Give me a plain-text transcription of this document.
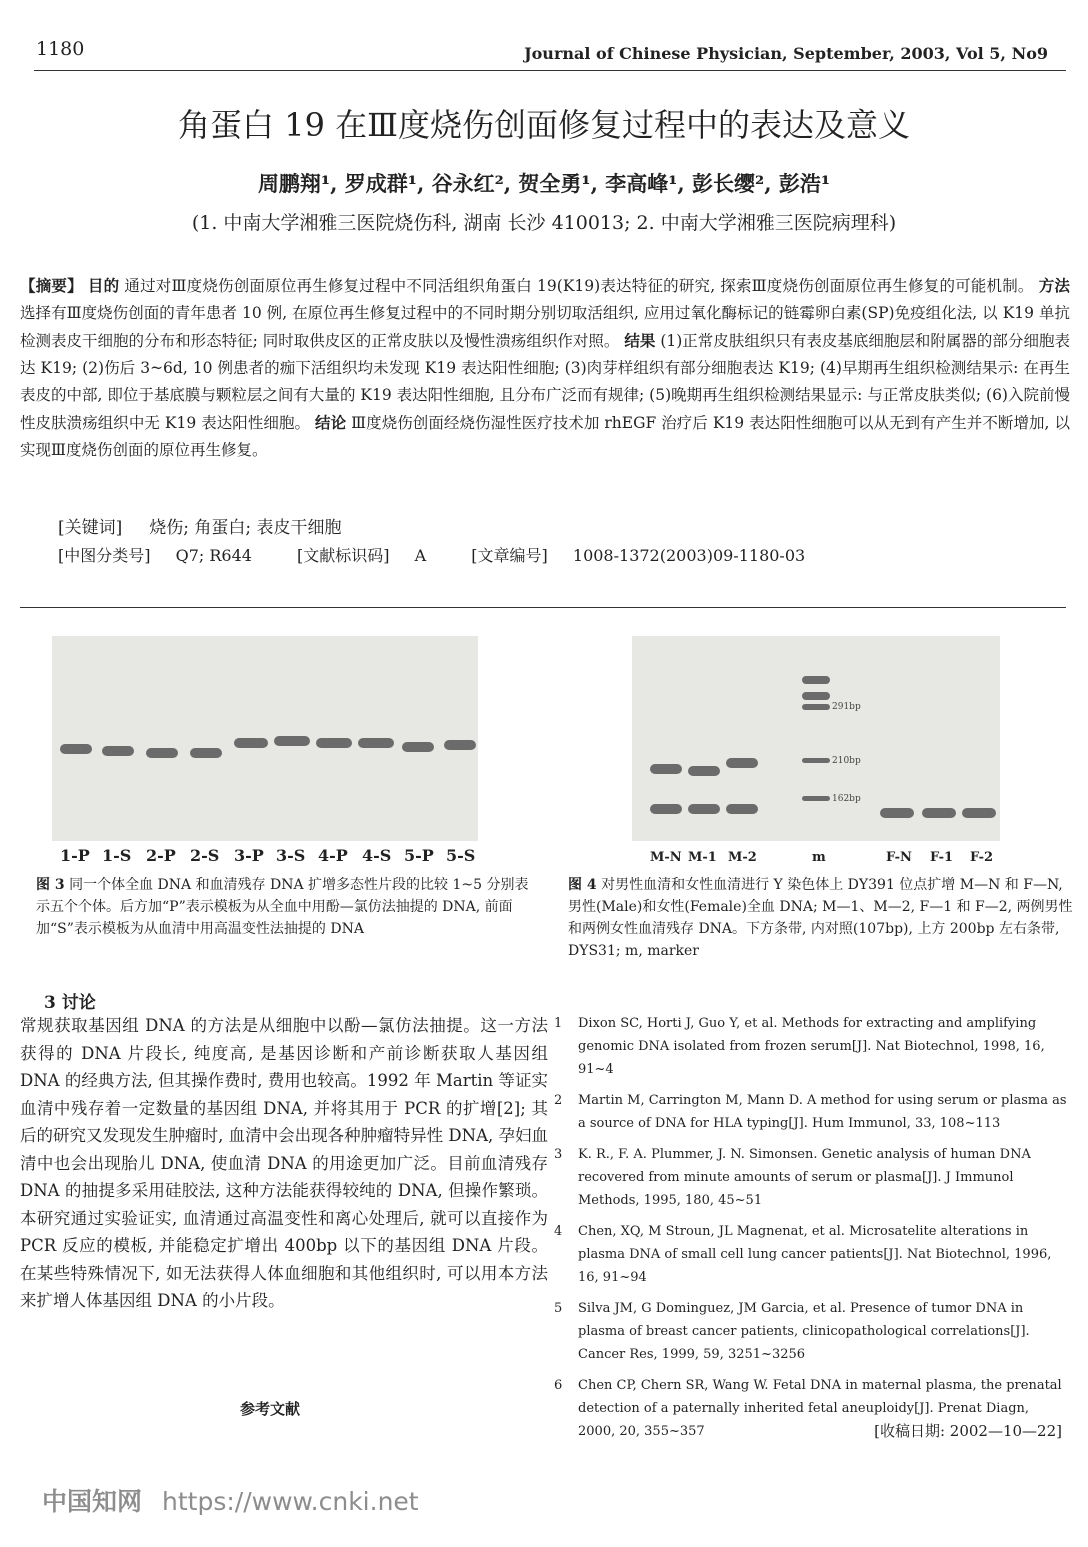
1180	Journal of Chinese Physician, September, 2003, Vol 5, No9
角蛋白 19 在Ⅲ度烧伤创面修复过程中的表达及意义
周鹏翔¹, 罗成群¹, 谷永红², 贺全勇¹, 李高峰¹, 彭长缨², 彭浩¹
(1. 中南大学湘雅三医院烧伤科, 湖南 长沙 410013; 2. 中南大学湘雅三医院病理科)
【摘要】 目的 通过对Ⅲ度烧伤创面原位再生修复过程中不同活组织角蛋白 19(K19)表达特征的研究, 探索Ⅲ度烧伤创面原位再生修复的可能机制。 方法 选择有Ⅲ度烧伤创面的青年患者 10 例, 在原位再生修复过程中的不同时期分别切取活组织, 应用过氧化酶标记的链霉卵白素(SP)免疫组化法, 以 K19 单抗检测表皮干细胞的分布和形态特征; 同时取供皮区的正常皮肤以及慢性溃疡组织作对照。 结果 (1)正常皮肤组织只有表皮基底细胞层和附属器的部分细胞表达 K19; (2)伤后 3~6d, 10 例患者的痂下活组织均未发现 K19 表达阳性细胞; (3)肉芽样组织有部分细胞表达 K19; (4)早期再生组织检测结果示: 在再生表皮的中部, 即位于基底膜与颗粒层之间有大量的 K19 表达阳性细胞, 且分布广泛而有规律; (5)晚期再生组织检测结果显示: 与正常皮肤类似; (6)入院前慢性皮肤溃疡组织中无 K19 表达阳性细胞。 结论 Ⅲ度烧伤创面经烧伤湿性医疗技术加 rhEGF 治疗后 K19 表达阳性细胞可以从无到有产生并不断增加, 以实现Ⅲ度烧伤创面的原位再生修复。
[关键词] 烧伤; 角蛋白; 表皮干细胞
[中图分类号] Q7; R644	[文献标识码] A	[文章编号] 1008-1372(2003)09-1180-03
1-P 1-S 2-P 2-S 3-P 3-S 4-P 4-S 5-P 5-S
291bp
210bp
162bp
M-N M-1 M-2	m	F-N F-1 F-2
图 3 同一个体全血 DNA 和血清残存 DNA 扩增多态性片段的比较 1~5 分别表示五个个体。后方加“P”表示模板为从全血中用酚—氯仿法抽提的 DNA, 前面加“S”表示模板为从血清中用高温变性法抽提的 DNA
图 4 对男性血清和女性血清进行 Y 染色体上 DY391 位点扩增 M—N 和 F—N, 男性(Male)和女性(Female)全血 DNA; M—1、M—2, F—1 和 F—2, 两例男性和两例女性血清残存 DNA。下方条带, 内对照(107bp), 上方 200bp 左右条带, DYS31; m, marker
3 讨论
常规获取基因组 DNA 的方法是从细胞中以酚—氯仿法抽提。这一方法获得的 DNA 片段长, 纯度高, 是基因诊断和产前诊断获取人基因组 DNA 的经典方法, 但其操作费时, 费用也较高。1992 年 Martin 等证实血清中残存着一定数量的基因组 DNA, 并将其用于 PCR 的扩增[2]; 其后的研究又发现发生肿瘤时, 血清中会出现各种肿瘤特异性 DNA, 孕妇血清中也会出现胎儿 DNA, 使血清 DNA 的用途更加广泛。目前血清残存 DNA 的抽提多采用硅胶法, 这种方法能获得较纯的 DNA, 但操作繁琐。本研究通过实验证实, 血清通过高温变性和离心处理后, 就可以直接作为 PCR 反应的模板, 并能稳定扩增出 400bp 以下的基因组 DNA 片段。在某些特殊情况下, 如无法获得人体血细胞和其他组织时, 可以用本方法来扩增人体基因组 DNA 的小片段。
参考文献
1 Dixon SC, Horti J, Guo Y, et al. Methods for extracting and amplifying genomic DNA isolated from frozen serum[J]. Nat Biotechnol, 1998, 16, 91~4
2 Martin M, Carrington M, Mann D. A method for using serum or plasma as a source of DNA for HLA typing[J]. Hum Immunol, 33, 108~113
3 K. R., F. A. Plummer, J. N. Simonsen. Genetic analysis of human DNA recovered from minute amounts of serum or plasma[J]. J Immunol Methods, 1995, 180, 45~51
4 Chen, XQ, M Stroun, JL Magnenat, et al. Microsatelite alterations in plasma DNA of small cell lung cancer patients[J]. Nat Biotechnol, 1996, 16, 91~94
5 Silva JM, G Dominguez, JM Garcia, et al. Presence of tumor DNA in plasma of breast cancer patients, clinicopathological correlations[J]. Cancer Res, 1999, 59, 3251~3256
6 Chen CP, Chern SR, Wang W. Fetal DNA in maternal plasma, the prenatal detection of a paternally inherited fetal aneuploidy[J]. Prenat Diagn, 2000, 20, 355~357	[收稿日期: 2002—10—22]
中国知网 https://www.cnki.net
